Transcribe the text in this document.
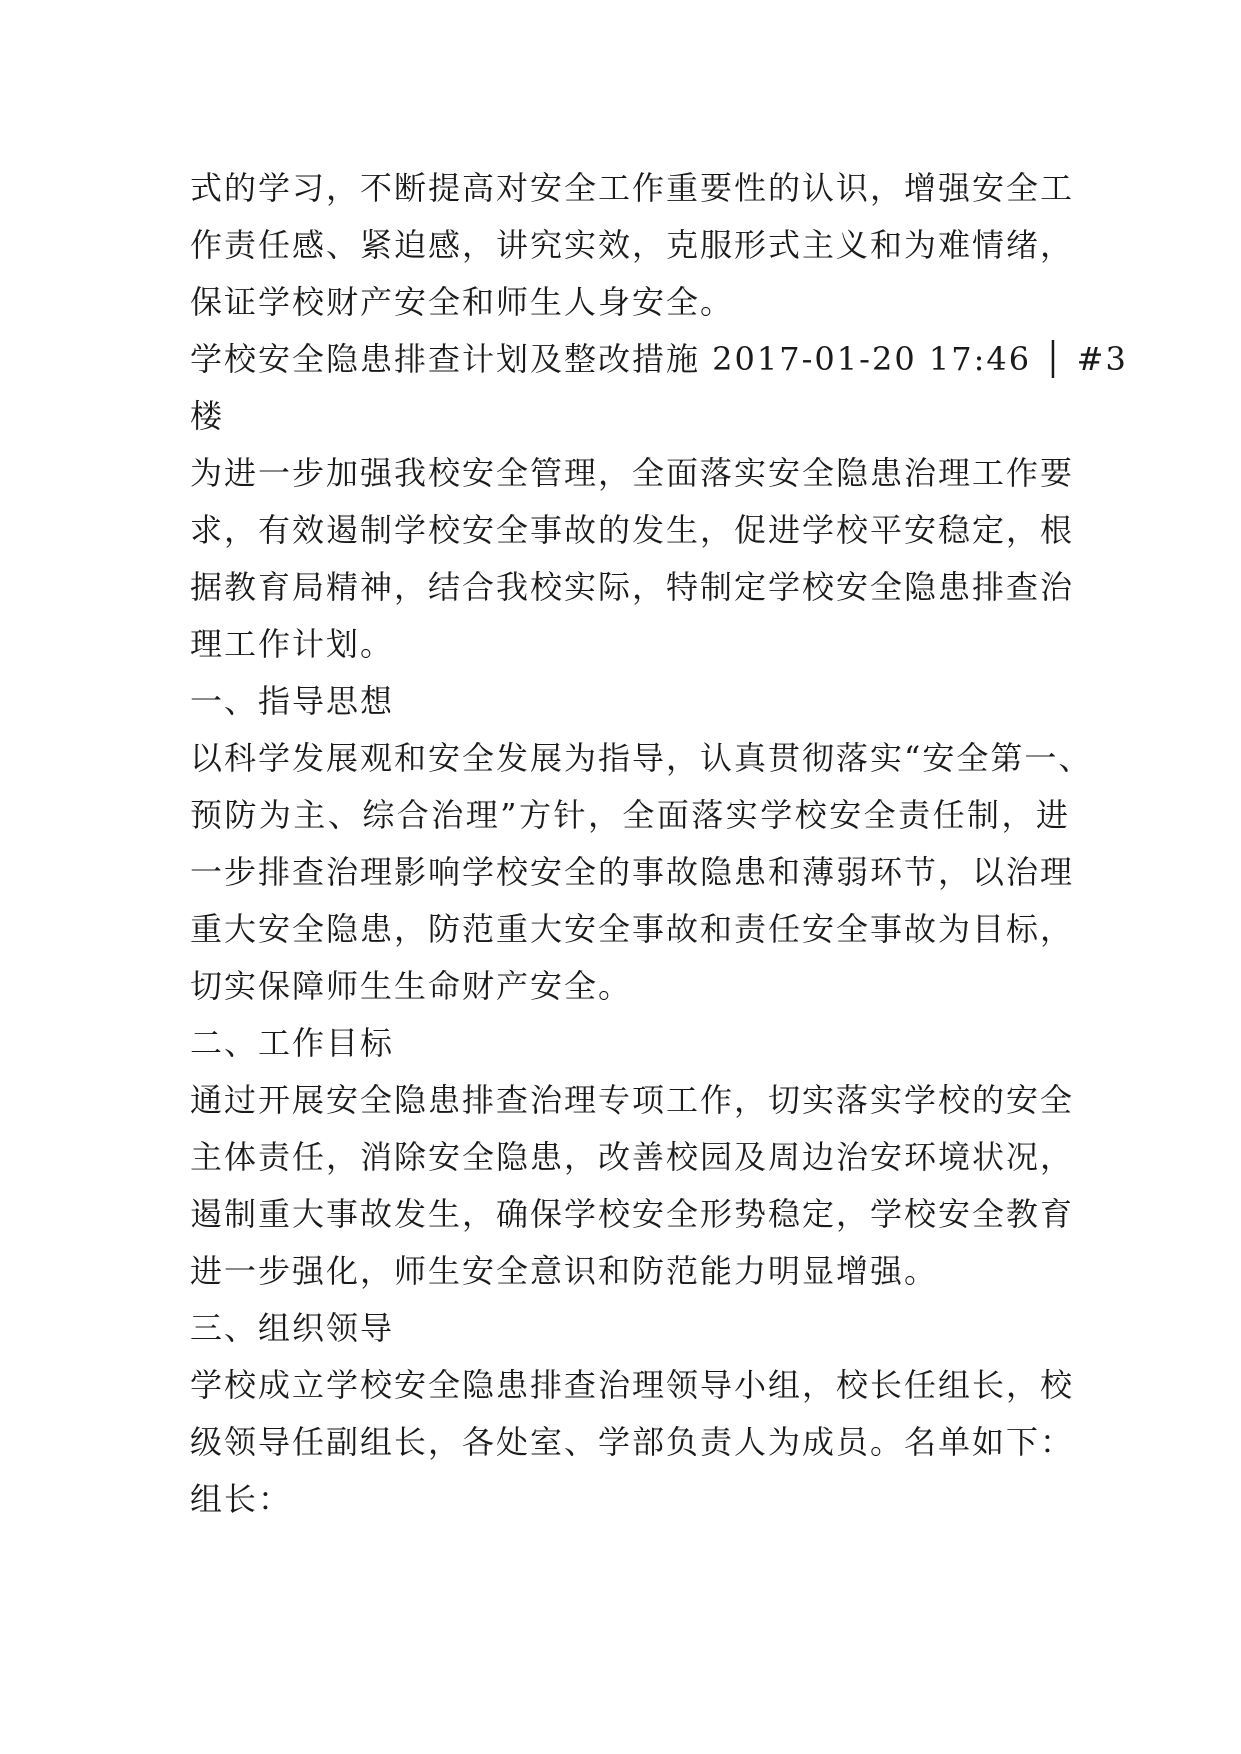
式的学习，不断提高对安全工作重要性的认识，增强安全工
作责任感、紧迫感，讲究实效，克服形式主义和为难情绪，
保证学校财产安全和师生人身安全。
学校安全隐患排查计划及整改措施 2017-01-20 17:46 │ #3
楼
为进一步加强我校安全管理，全面落实安全隐患治理工作要
求，有效遏制学校安全事故的发生，促进学校平安稳定，根
据教育局精神，结合我校实际，特制定学校安全隐患排查治
理工作计划。
一、指导思想
以科学发展观和安全发展为指导，认真贯彻落实“安全第一、
预防为主、综合治理”方针，全面落实学校安全责任制，进
一步排查治理影响学校安全的事故隐患和薄弱环节，以治理
重大安全隐患，防范重大安全事故和责任安全事故为目标，
切实保障师生生命财产安全。
二、工作目标
通过开展安全隐患排查治理专项工作，切实落实学校的安全
主体责任，消除安全隐患，改善校园及周边治安环境状况，
遏制重大事故发生，确保学校安全形势稳定，学校安全教育
进一步强化，师生安全意识和防范能力明显增强。
三、组织领导
学校成立学校安全隐患排查治理领导小组，校长任组长，校
级领导任副组长，各处室、学部负责人为成员。名单如下：
组长：
